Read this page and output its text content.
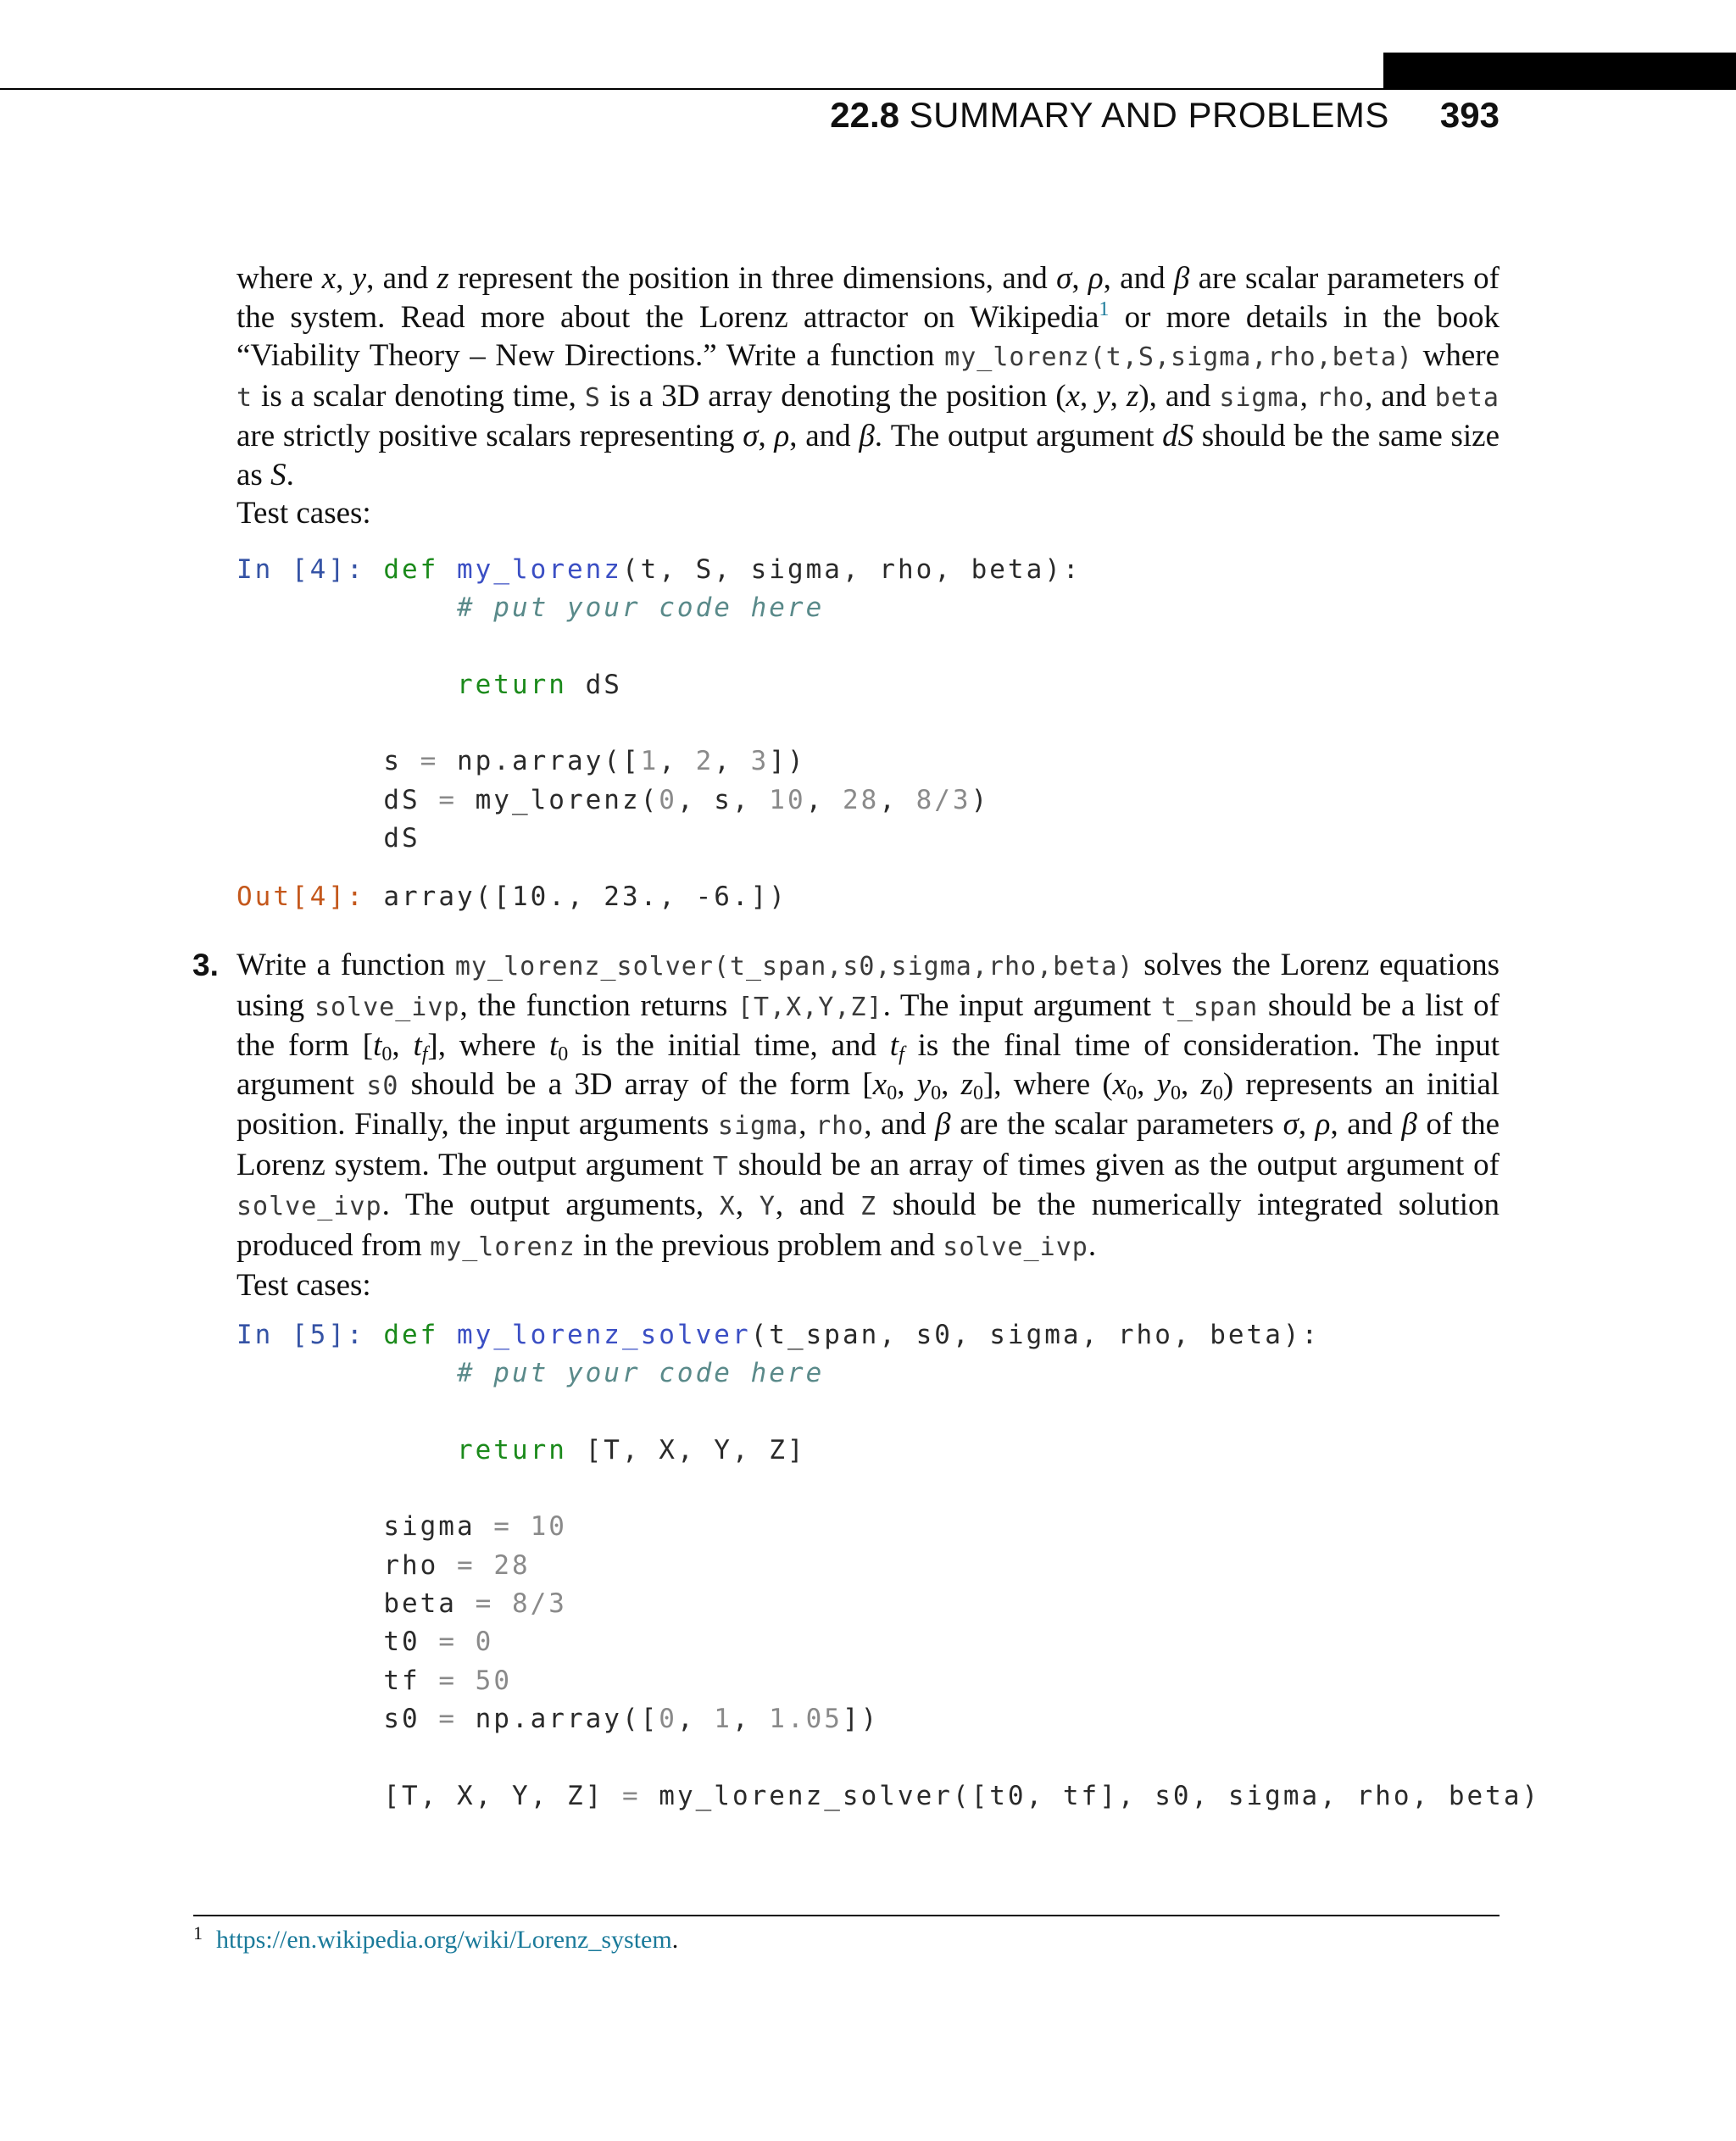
22.8 SUMMARY AND PROBLEMS 393
where x, y, and z represent the position in three dimensions, and σ, ρ, and β are scalar parameters of the system. Read more about the Lorenz attractor on Wikipedia$^1$ or more details in the book “Viability Theory – New Directions.” Write a function my_lorenz(t,S,sigma,rho,beta) where t is a scalar denoting time, S is a 3D array denoting the position (x, y, z), and sigma, rho, and beta are strictly positive scalars representing σ, ρ, and β. The output argument dS should be the same size as S.
Test cases:
In [4]: def my_lorenz(t, S, sigma, rho, beta):
# put your code here

return dS

s = np.array([1, 2, 3])
dS = my_lorenz(0, s, 10, 28, 8/3)
dS

Out[4]: array([10., 23., -6.])
3. Write a function my_lorenz_solver(t_span,s0,sigma,rho,beta) solves the Lorenz equations using solve_ivp, the function returns [T,X,Y,Z]. The input argument t_span should be a list of the form [$t_0$, $t_f$], where $t_0$ is the initial time, and $t_f$ is the final time of consideration. The input argument s0 should be a 3D array of the form [$x_0$, $y_0$, $z_0$], where ($x_0$, $y_0$, $z_0$) represents an initial position. Finally, the input arguments sigma, rho, and β are the scalar parameters σ, ρ, and β of the Lorenz system. The output argument T should be an array of times given as the output argument of solve_ivp. The output arguments, X, Y, and Z should be the numerically integrated solution produced from my_lorenz in the previous problem and solve_ivp.
Test cases:
In [5]: def my_lorenz_solver(t_span, s0, sigma, rho, beta):
# put your code here

return [T, X, Y, Z]

sigma = 10
rho = 28
beta = 8/3
t0 = 0
tf = 50
s0 = np.array([0, 1, 1.05])

[T, X, Y, Z] = my_lorenz_solver([t0, tf], s0, sigma, rho, beta)

$^1$ https://en.wikipedia.org/wiki/Lorenz_system.
